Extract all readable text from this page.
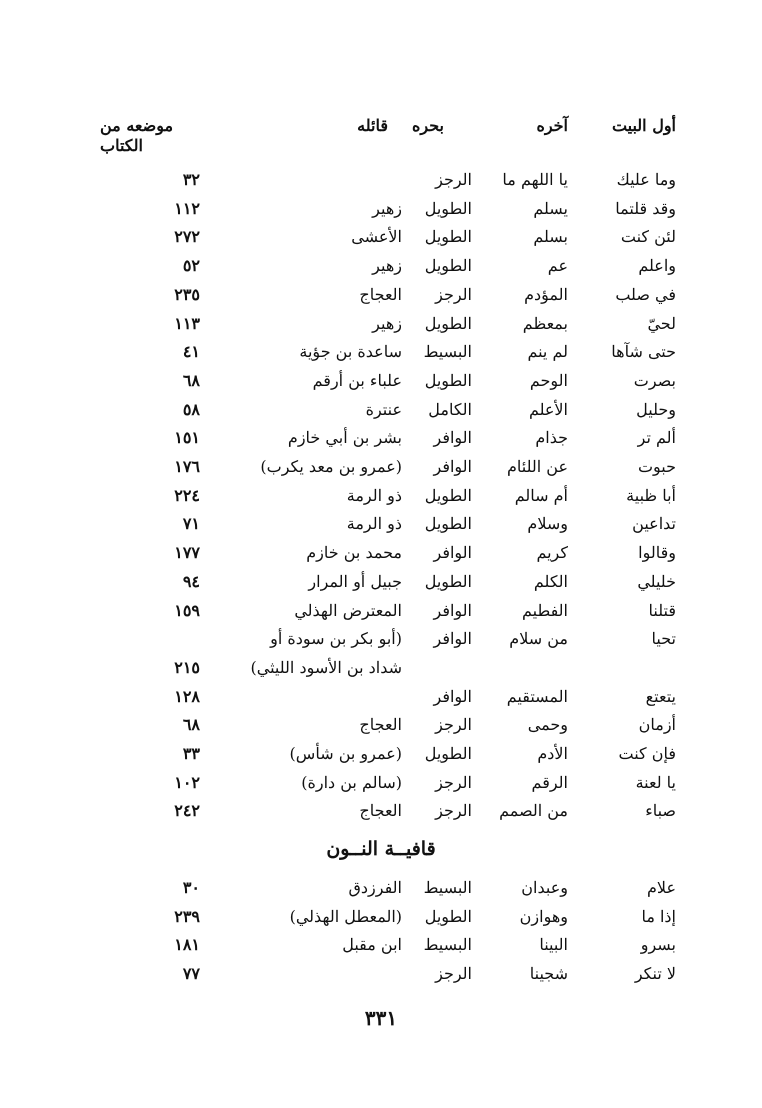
أول البيت
آخره
بحره
قائله
موضعه من الكتاب
وما عليك
يا اللهم ما
الرجز
٣٢
وقد قلتما
يسلم
الطويل
زهير
١١٢
لئن كنت
بسلم
الطويل
الأعشى
٢٧٢
واعلم
عم
الطويل
زهير
٥٢
في صلب
المؤدم
الرجز
العجاج
٢٣٥
لحيّ
بمعظم
الطويل
زهير
١١٣
حتى شآها
لم ينم
البسيط
ساعدة بن جؤية
٤١
بصرت
الوحم
الطويل
علباء بن أرقم
٦٨
وحليل
الأعلم
الكامل
عنترة
٥٨
ألم تر
جذام
الوافر
بشر بن أبي خازم
١٥١
حبوت
عن اللئام
الوافر
(عمرو بن معد يكرب)
١٧٦
أبا ظبية
أم سالم
الطويل
ذو الرمة
٢٢٤
تداعين
وسلام
الطويل
ذو الرمة
٧١
وقالوا
كريم
الوافر
محمد بن خازم
١٧٧
خليلي
الكلم
الطويل
جبيل أو المرار
٩٤
قتلنا
الفطيم
الوافر
المعترض الهذلي
١٥٩
تحيا
من سلام
الوافر
(أبو بكر بن سودة أو
شداد بن الأسود الليثي)
٢١٥
يتعتع
المستقيم
الوافر
١٢٨
أزمان
وحمى
الرجز
العجاج
٦٨
فإن كنت
الأدم
الطويل
(عمرو بن شأس)
٣٣
يا لعنة
الرقم
الرجز
(سالم بن دارة)
١٠٢
صباء
من الصمم
الرجز
العجاج
٢٤٢
قافيــة النــون
علام
وعبدان
البسيط
الفرزدق
٣٠
إذا ما
وهوازن
الطويل
(المعطل الهذلي)
٢٣٩
بسرو
البينا
البسيط
ابن مقبل
١٨١
لا تنكر
شجينا
الرجز
٧٧
٣٣١
